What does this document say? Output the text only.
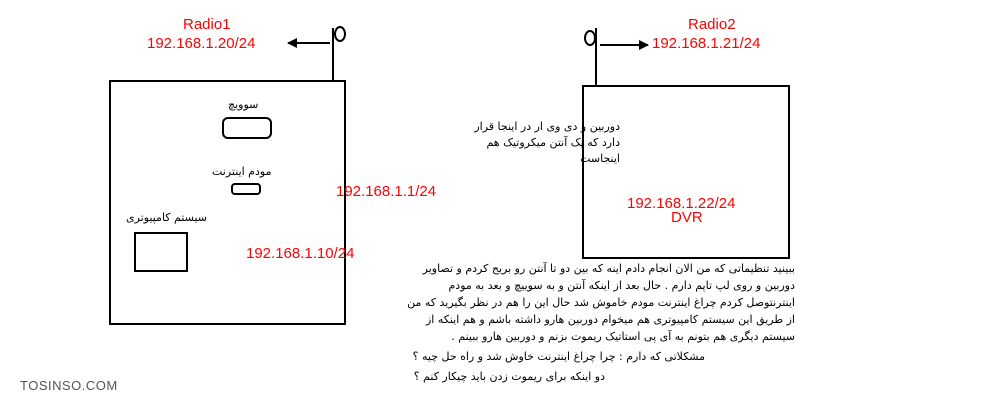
Radio1
192.168.1.20/24
Radio2
192.168.1.21/24
سوویچ
مودم اینترنت
سیستم کامپیوتری
192.168.1.1/24
192.168.1.10/24
دوربین و دی وی ار در اینجا قرار
دارد که یک آنتن میکروتیک هم
اینجاست
192.168.1.22/24
DVR
ببینید تنظیماتی که من الان انجام دادم اینه که بین دو تا آنتن رو بریج کردم و تصاویر
دوربین و روی لپ تاپم دارم . حال بعد از اینکه آنتن و به سوییچ و بعد به مودم
اینترنتوصل کردم چراغ اینترنت مودم خاموش شد حال این را هم در نظر بگیرید که من
از طریق این سیستم کامپیوتری هم میخوام دوربین هارو داشته باشم و هم اینکه از
سیستم دیگری هم بتونم به آی پی استاتیک ریموت بزنم و دوربین هارو ببینم .
مشکلاتی که دارم : چرا چراغ اینترنت خاوش شد و راه حل چیه ؟
دو اینکه برای ریموت زدن باید چیکار کنم ؟
TOSINSO.COM
